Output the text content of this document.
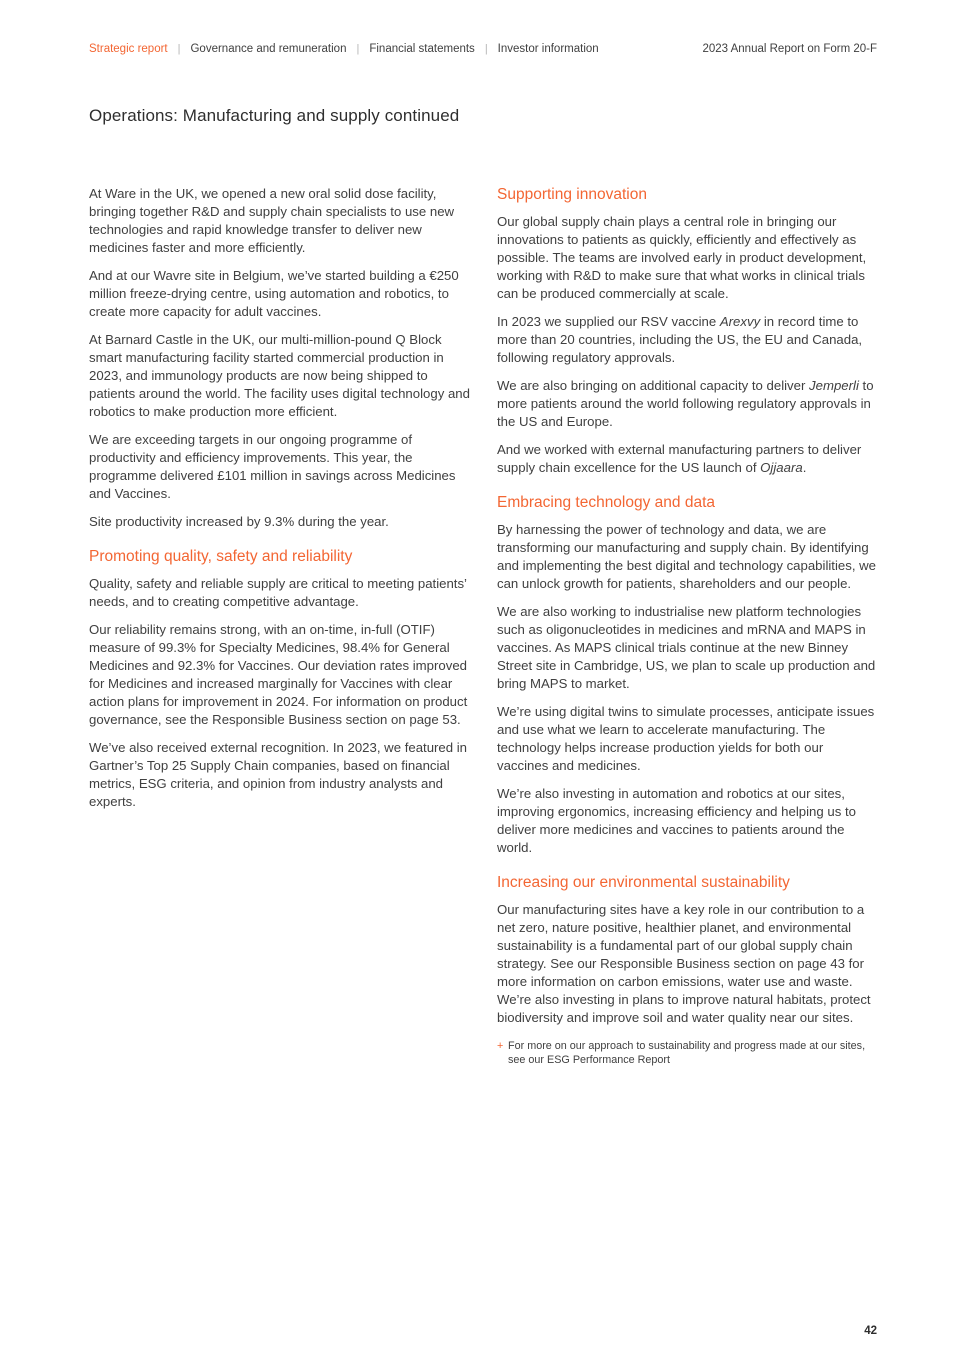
Strategic report | Governance and remuneration | Financial statements | Investor information	2023 Annual Report on Form 20-F
Operations: Manufacturing and supply continued

At Ware in the UK, we opened a new oral solid dose facility, bringing together R&D and supply chain specialists to use new technologies and rapid knowledge transfer to deliver new medicines faster and more efficiently.

And at our Wavre site in Belgium, we’ve started building a €250 million freeze-drying centre, using automation and robotics, to create more capacity for adult vaccines.

At Barnard Castle in the UK, our multi-million-pound Q Block smart manufacturing facility started commercial production in 2023, and immunology products are now being shipped to patients around the world. The facility uses digital technology and robotics to make production more efficient.

We are exceeding targets in our ongoing programme of productivity and efficiency improvements. This year, the programme delivered £101 million in savings across Medicines and Vaccines.

Site productivity increased by 9.3% during the year.

Promoting quality, safety and reliability

Quality, safety and reliable supply are critical to meeting patients’ needs, and to creating competitive advantage.

Our reliability remains strong, with an on-time, in-full (OTIF) measure of 99.3% for Specialty Medicines, 98.4% for General Medicines and 92.3% for Vaccines. Our deviation rates improved for Medicines and increased marginally for Vaccines with clear action plans for improvement in 2024. For information on product governance, see the Responsible Business section on page 53.

We’ve also received external recognition. In 2023, we featured in Gartner’s Top 25 Supply Chain companies, based on financial metrics, ESG criteria, and opinion from industry analysts and experts.

Supporting innovation

Our global supply chain plays a central role in bringing our innovations to patients as quickly, efficiently and effectively as possible. The teams are involved early in product development, working with R&D to make sure that what works in clinical trials can be produced commercially at scale.

In 2023 we supplied our RSV vaccine Arexvy in record time to more than 20 countries, including the US, the EU and Canada, following regulatory approvals.

We are also bringing on additional capacity to deliver Jemperli to more patients around the world following regulatory approvals in the US and Europe.

And we worked with external manufacturing partners to deliver supply chain excellence for the US launch of Ojjaara.

Embracing technology and data

By harnessing the power of technology and data, we are transforming our manufacturing and supply chain. By identifying and implementing the best digital and technology capabilities, we can unlock growth for patients, shareholders and our people.

We are also working to industrialise new platform technologies such as oligonucleotides in medicines and mRNA and MAPS in vaccines. As MAPS clinical trials continue at the new Binney Street site in Cambridge, US, we plan to scale up production and bring MAPS to market.

We’re using digital twins to simulate processes, anticipate issues and use what we learn to accelerate manufacturing. The technology helps increase production yields for both our vaccines and medicines.

We’re also investing in automation and robotics at our sites, improving ergonomics, increasing efficiency and helping us to deliver more medicines and vaccines to patients around the world.

Increasing our environmental sustainability

Our manufacturing sites have a key role in our contribution to a net zero, nature positive, healthier planet, and environmental sustainability is a fundamental part of our global supply chain strategy. See our Responsible Business section on page 43 for more information on carbon emissions, water use and waste. We’re also investing in plans to improve natural habitats, protect biodiversity and improve soil and water quality near our sites.

+ For more on our approach to sustainability and progress made at our sites, see our ESG Performance Report
42
